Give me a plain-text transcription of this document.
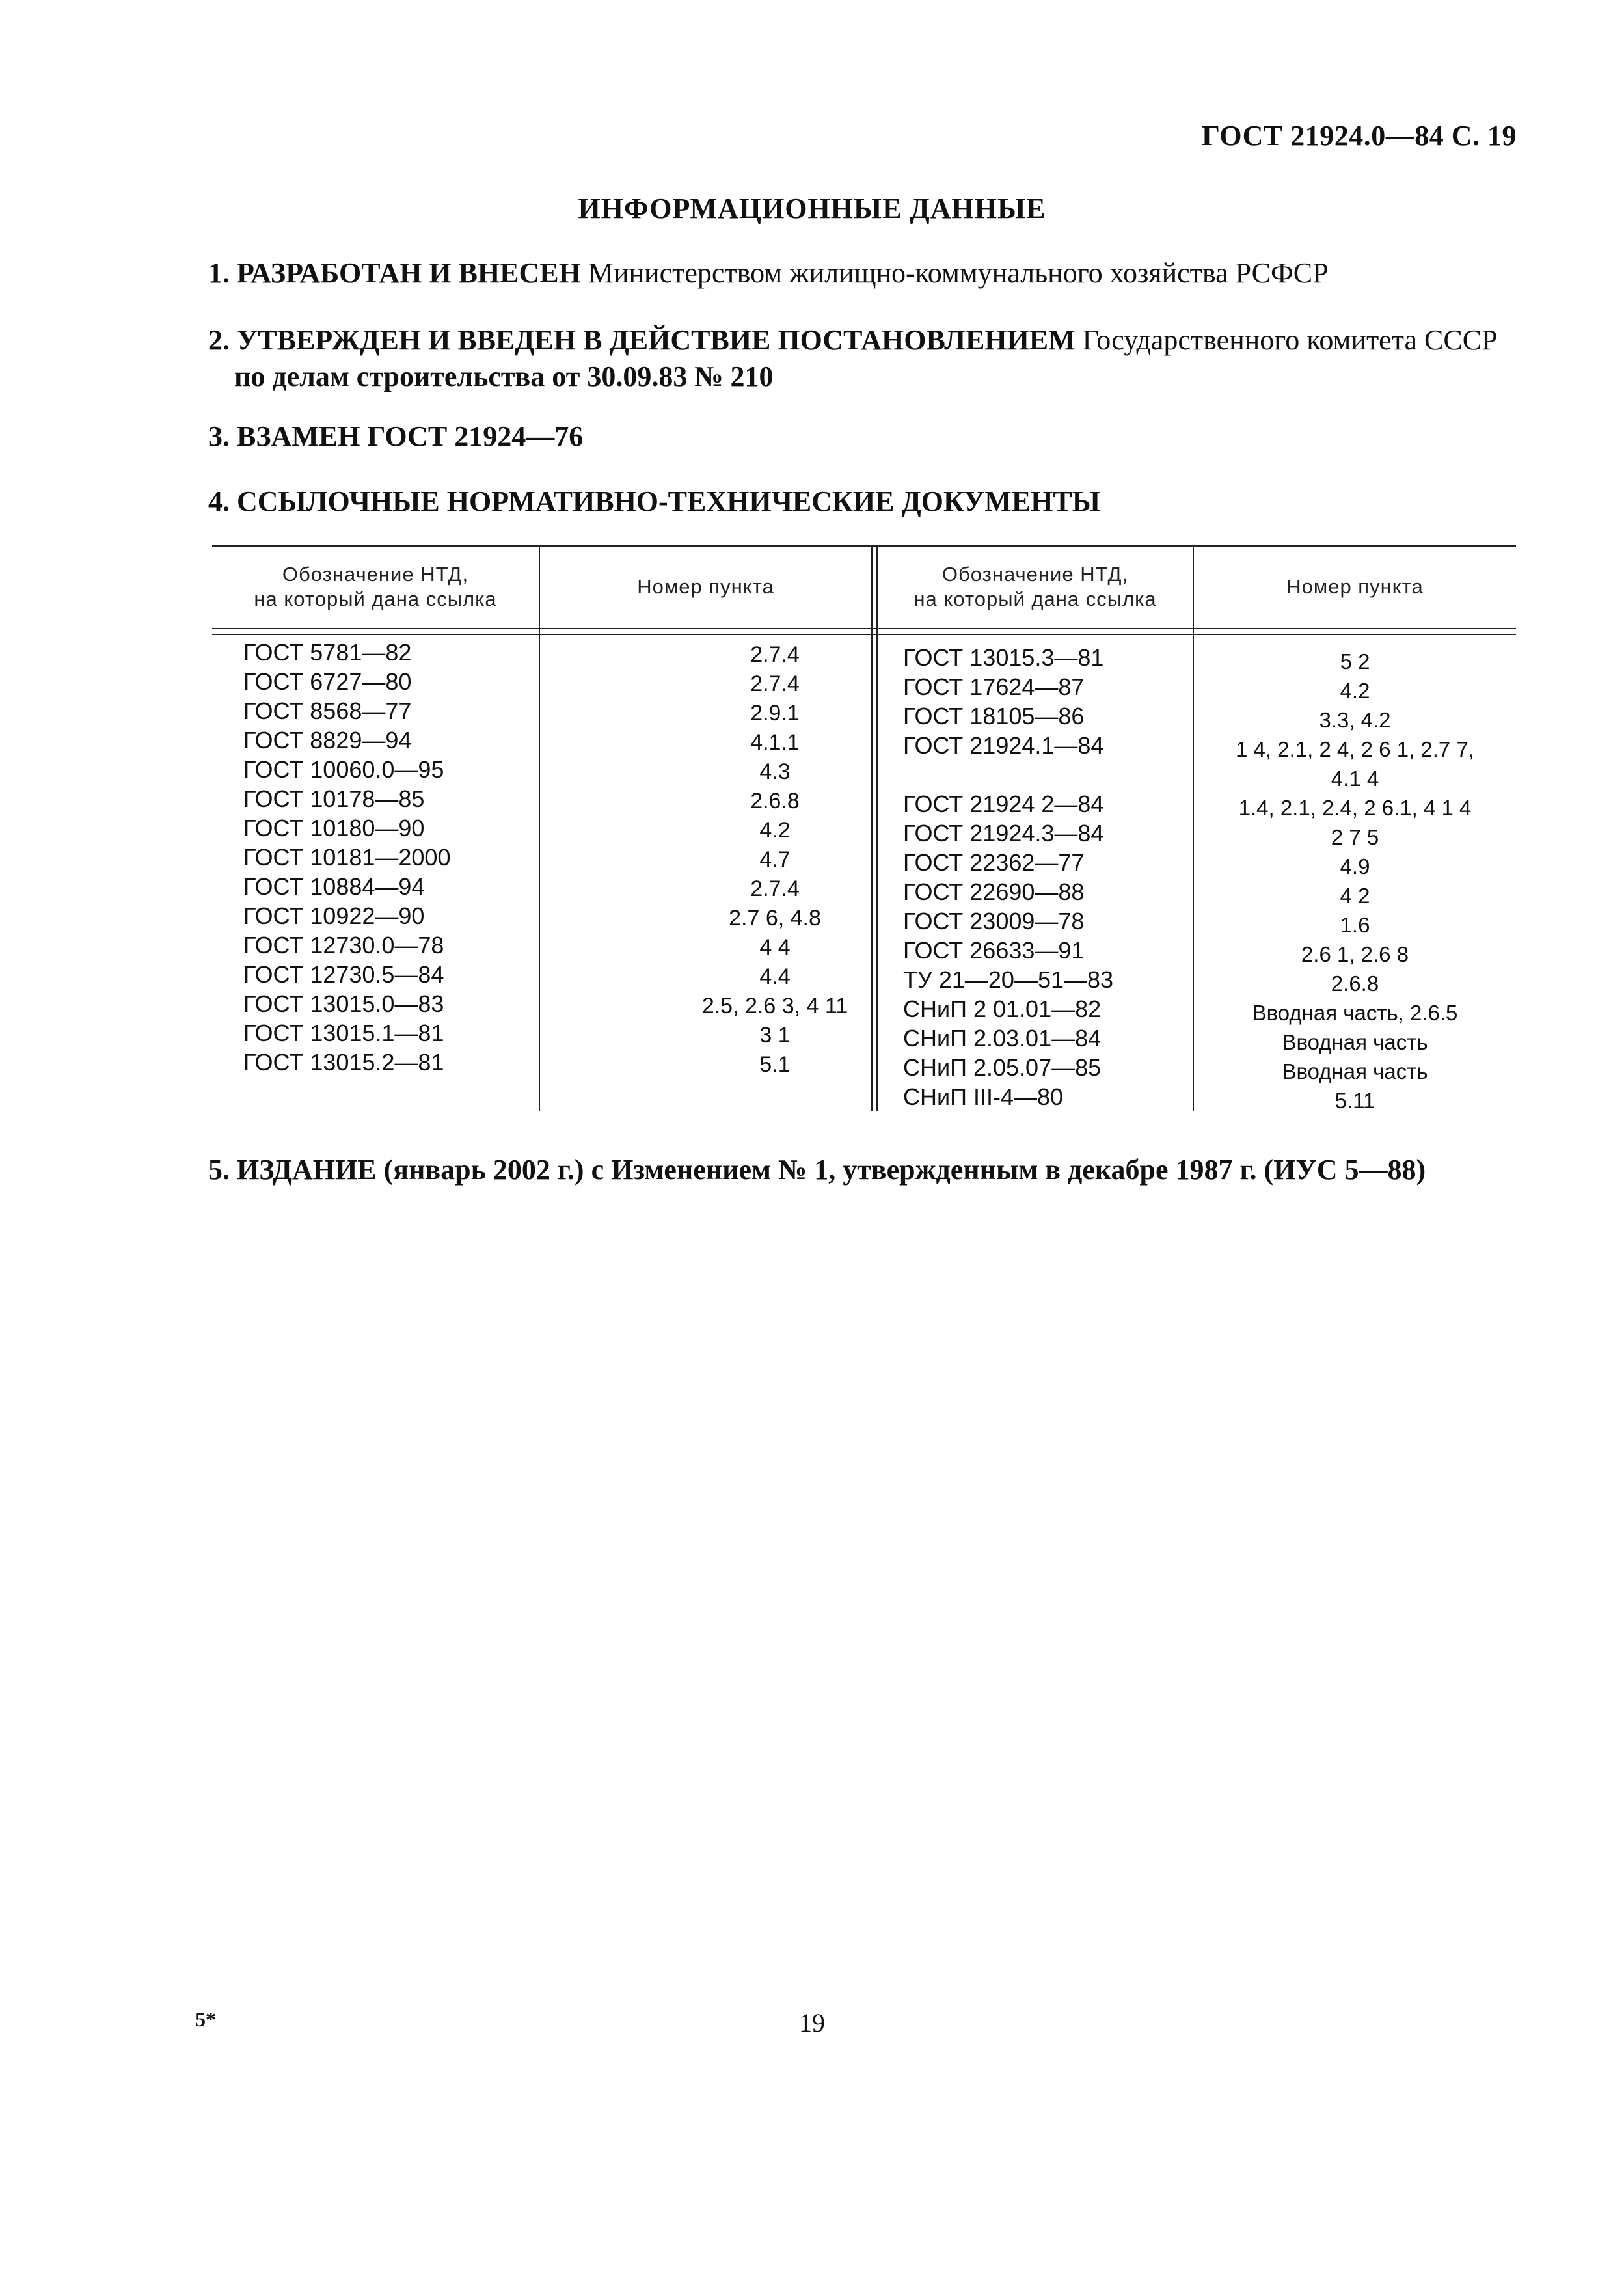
ГОСТ 21924.0—84 С. 19
ИНФОРМАЦИОННЫЕ ДАННЫЕ
1. РАЗРАБОТАН И ВНЕСЕН Министерством жилищно-коммунального хозяйства РСФСР
2. УТВЕРЖДЕН И ВВЕДЕН В ДЕЙСТВИЕ ПОСТАНОВЛЕНИЕМ Государственного комитета СССР
по делам строительства от 30.09.83 № 210
3. ВЗАМЕН ГОСТ 21924—76
4. ССЫЛОЧНЫЕ НОРМАТИВНО-ТЕХНИЧЕСКИЕ ДОКУМЕНТЫ
Обозначение НТД,
на который дана ссылка
Номер пункта
Обозначение НТД,
на который дана ссылка
Номер пункта
ГОСТ 5781—82
ГОСТ 6727—80
ГОСТ 8568—77
ГОСТ 8829—94
ГОСТ 10060.0—95
ГОСТ 10178—85
ГОСТ 10180—90
ГОСТ 10181—2000
ГОСТ 10884—94
ГОСТ 10922—90
ГОСТ 12730.0—78
ГОСТ 12730.5—84
ГОСТ 13015.0—83
ГОСТ 13015.1—81
ГОСТ 13015.2—81
2.7.4
2.7.4
2.9.1
4.1.1
4.3
2.6.8
4.2
4.7
2.7.4
2.7 6, 4.8
4 4
4.4
2.5, 2.6 3, 4 11
3 1
5.1
ГОСТ 13015.3—81
ГОСТ 17624—87
ГОСТ 18105—86
ГОСТ 21924.1—84
ГОСТ 21924 2—84
ГОСТ 21924.3—84
ГОСТ 22362—77
ГОСТ 22690—88
ГОСТ 23009—78
ГОСТ 26633—91
ТУ 21—20—51—83
СНиП 2 01.01—82
СНиП 2.03.01—84
СНиП 2.05.07—85
СНиП III-4—80
5 2
4.2
3.3, 4.2
1 4, 2.1, 2 4, 2 6 1, 2.7 7,
4.1 4
1.4, 2.1, 2.4, 2 6.1, 4 1 4
2 7 5
4.9
4 2
1.6
2.6 1, 2.6 8
2.6.8
Вводная часть, 2.6.5
Вводная часть
Вводная часть
5.11
5. ИЗДАНИЕ (январь 2002 г.) с Изменением № 1, утвержденным в декабре 1987 г. (ИУС 5—88)
5*	19
